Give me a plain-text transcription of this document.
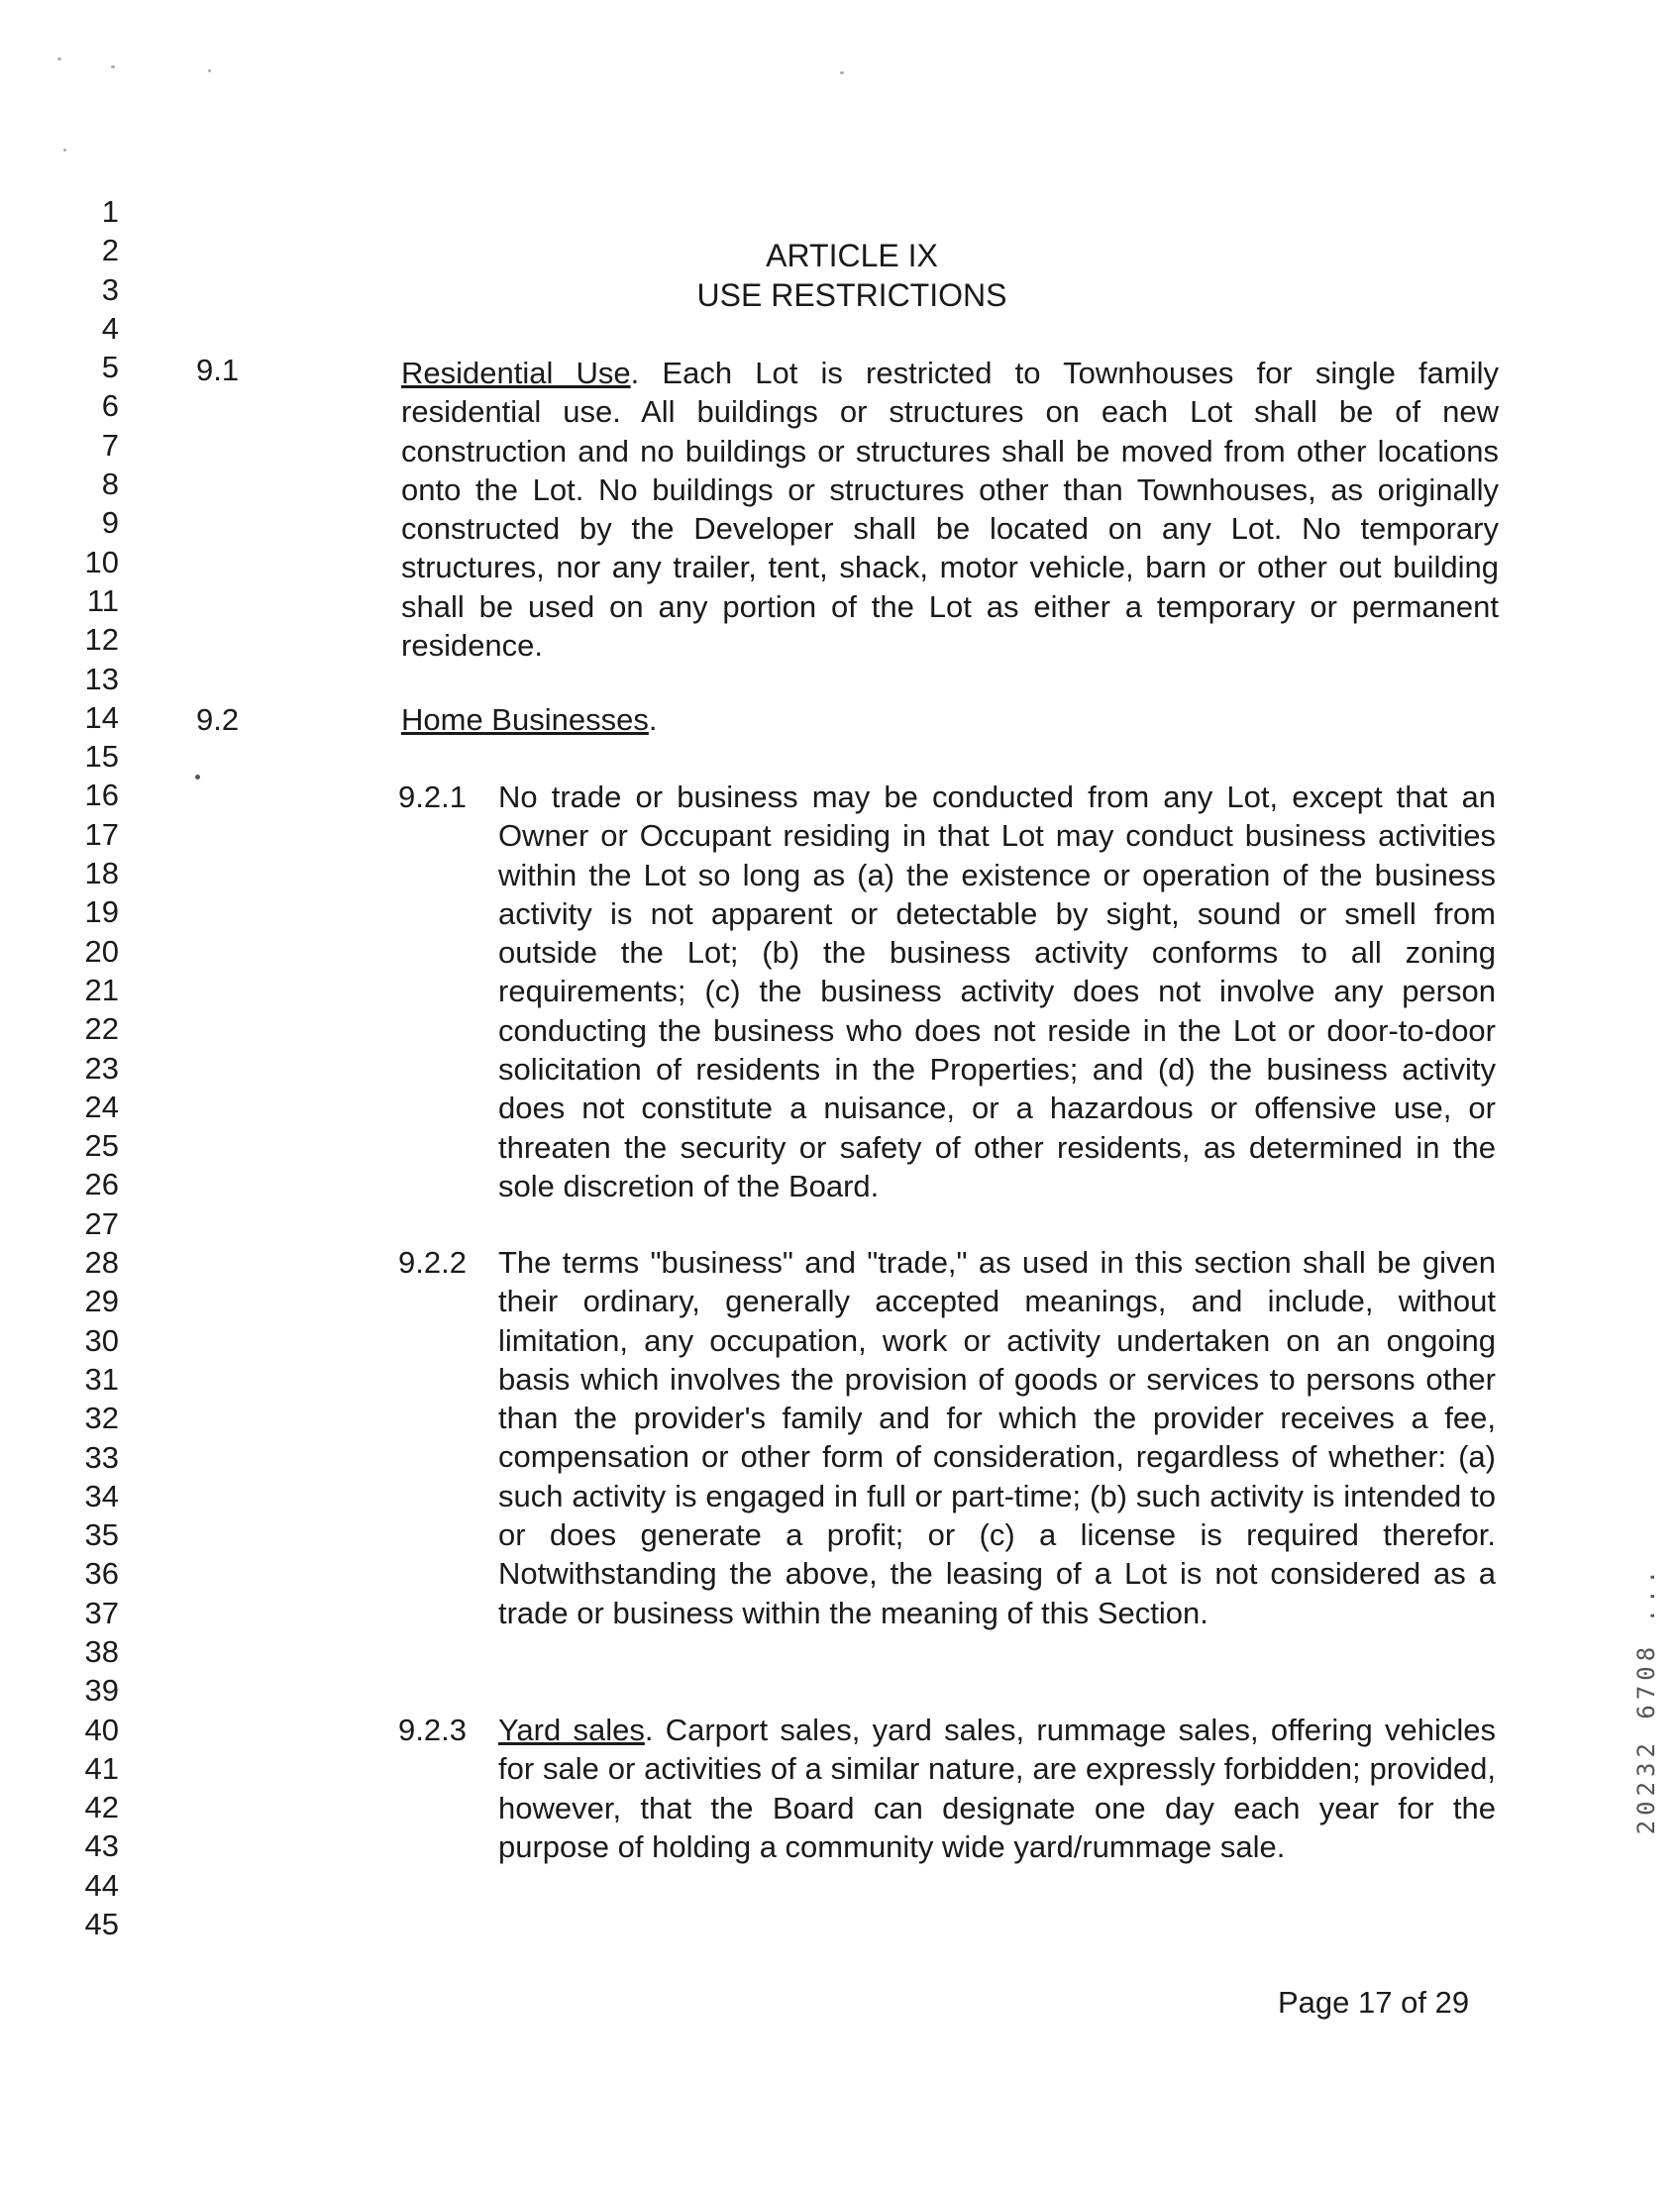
1
2
3
4
5
6
7
8
9
10
11
12
13
14
15
16
17
18
19
20
21
22
23
24
25
26
27
28
29
30
31
32
33
34
35
36
37
38
39
40
41
42
43
44
45
ARTICLE IX
USE RESTRICTIONS
9.1	Residential Use. Each Lot is restricted to Townhouses for single family residential use. All buildings or structures on each Lot shall be of new construction and no buildings or structures shall be moved from other locations onto the Lot. No buildings or structures other than Townhouses, as originally constructed by the Developer shall be located on any Lot. No temporary structures, nor any trailer, tent, shack, motor vehicle, barn or other out building shall be used on any portion of the Lot as either a temporary or permanent residence.

9.2	Home Businesses.

9.2.1 No trade or business may be conducted from any Lot, except that an Owner or Occupant residing in that Lot may conduct business activities within the Lot so long as (a) the existence or operation of the business activity is not apparent or detectable by sight, sound or smell from outside the Lot; (b) the business activity conforms to all zoning requirements; (c) the business activity does not involve any person conducting the business who does not reside in the Lot or door-to-door solicitation of residents in the Properties; and (d) the business activity does not constitute a nuisance, or a hazardous or offensive use, or threaten the security or safety of other residents, as determined in the sole discretion of the Board.

9.2.2 The terms "business" and "trade," as used in this section shall be given their ordinary, generally accepted meanings, and include, without limitation, any occupation, work or activity undertaken on an ongoing basis which involves the provision of goods or services to persons other than the provider's family and for which the provider receives a fee, compensation or other form of consideration, regardless of whether: (a) such activity is engaged in full or part-time; (b) such activity is intended to or does generate a profit; or (c) a license is required therefor. Notwithstanding the above, the leasing of a Lot is not considered as a trade or business within the meaning of this Section.

9.2.3 Yard sales. Carport sales, yard sales, rummage sales, offering vehicles for sale or activities of a similar nature, are expressly forbidden; provided, however, that the Board can designate one day each year for the purpose of holding a community wide yard/rummage sale.

Page 17 of 29
20232 6708 ...
